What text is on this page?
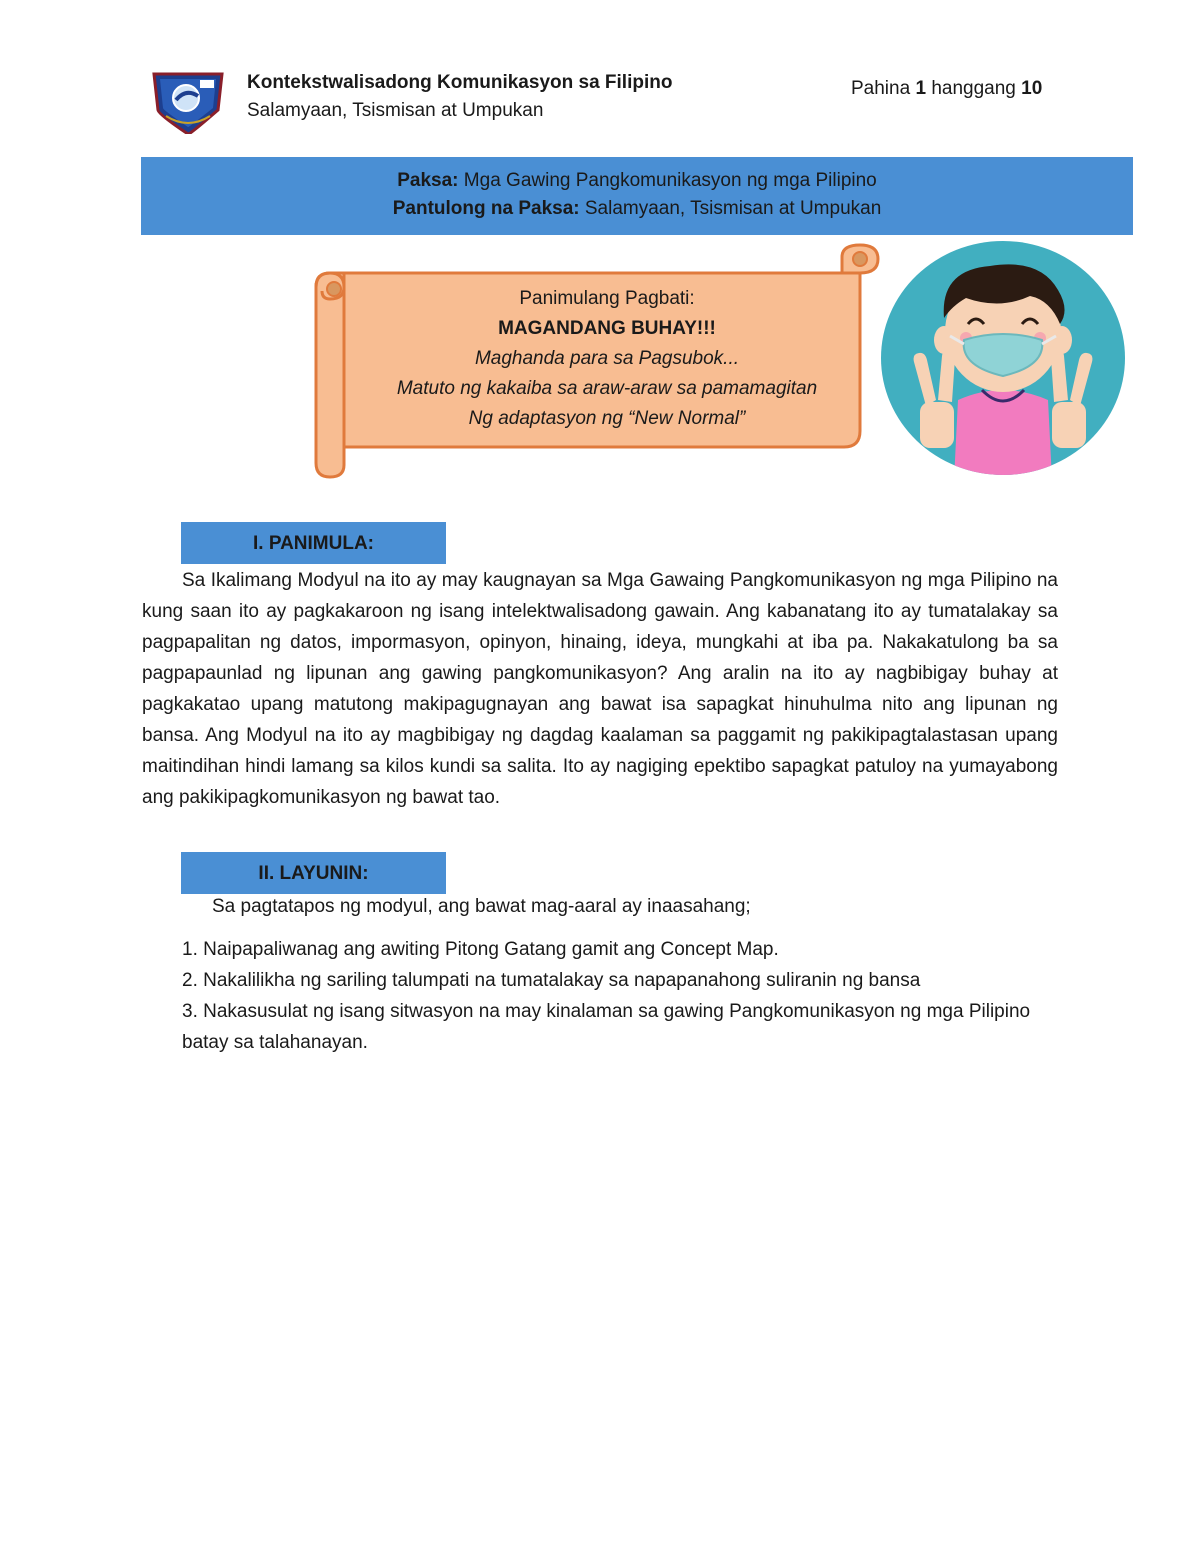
Kontekstwalisadong Komunikasyon sa Filipino

Salamyaan, Tsismisan at Umpukan

Pahina 1 hanggang 10

Paksa: Mga Gawing Pangkomunikasyon ng mga Pilipino

Pantulong na Paksa: Salamyaan, Tsismisan at Umpukan

Panimulang Pagbati:

MAGANDANG BUHAY!!!

Maghanda para sa Pagsubok...

Matuto ng kakaiba sa araw-araw sa pamamagitan

Ng adaptasyon ng “New Normal”

I. PANIMULA:

Sa Ikalimang Modyul na ito ay may kaugnayan sa Mga Gawaing Pangkomunikasyon ng mga Pilipino na kung saan ito ay pagkakaroon ng isang intelektwalisadong gawain. Ang kabanatang ito ay tumatalakay sa pagpapalitan ng datos, impormasyon, opinyon, hinaing, ideya, mungkahi at iba pa. Nakakatulong ba sa pagpapaunlad ng lipunan ang gawing pangkomunikasyon? Ang aralin na ito ay nagbibigay buhay at pagkakatao upang matutong makipagugnayan ang bawat isa sapagkat hinuhulma nito ang lipunan ng bansa. Ang Modyul na ito ay magbibigay ng dagdag kaalaman sa paggamit ng pakikipagtalastasan upang maitindihan hindi lamang sa kilos kundi sa salita. Ito ay nagiging epektibo sapagkat patuloy na yumayabong ang pakikipagkomunikasyon ng bawat tao.

II. LAYUNIN:

Sa pagtatapos ng modyul, ang bawat mag-aaral ay inaasahang;

1. Naipapaliwanag ang awiting Pitong Gatang gamit ang Concept Map.
2. Nakalilikha ng sariling talumpati na tumatalakay sa napapanahong suliranin ng bansa
3. Nakasusulat ng isang sitwasyon na may kinalaman sa gawing Pangkomunikasyon ng mga Pilipino batay sa talahanayan.
